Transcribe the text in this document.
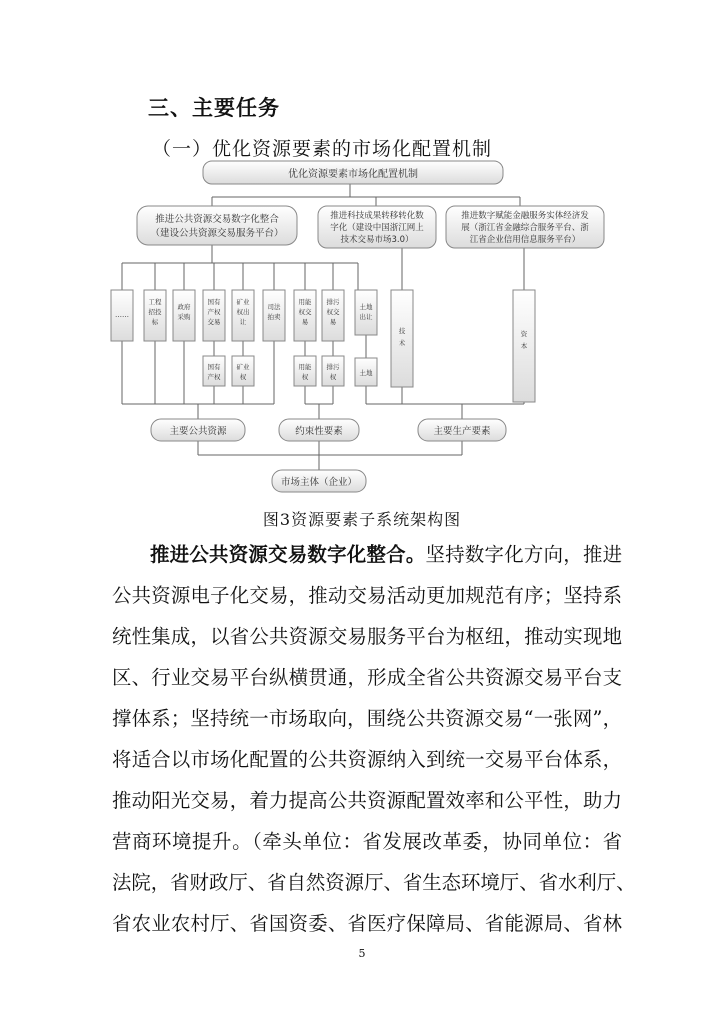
三、主要任务
（一）优化资源要素的市场化配置机制
优化资源要素市场化配置机制
推进公共资源交易数字化整合
（建设公共资源交易服务平台）
推进科技成果转移转化数
字化（建设中国浙江网上
技术交易市场3.0）
推进数字赋能金融服务实体经济发
展（浙江省金融综合服务平台、浙
江省企业信用信息服务平台）
……
工程招投标
政府采购
国有产权交易
矿业权出让
司法拍卖
用能权交易
排污权交易
土地出让
技术
资本
国有产权
矿业权
用能权
排污权	土地
主要公共资源	约束性要素	主要生产要素
市场主体（企业）
图3资源要素子系统架构图
推进公共资源交易数字化整合。坚持数字化方向，推进
公共资源电子化交易，推动交易活动更加规范有序；坚持系
统性集成，以省公共资源交易服务平台为枢纽，推动实现地
区、行业交易平台纵横贯通，形成全省公共资源交易平台支
撑体系；坚持统一市场取向，围绕公共资源交易“一张网”，
将适合以市场化配置的公共资源纳入到统一交易平台体系，
推动阳光交易，着力提高公共资源配置效率和公平性，助力
营商环境提升。（牵头单位：省发展改革委，协同单位：省
法院，省财政厅、省自然资源厅、省生态环境厅、省水利厅、
省农业农村厅、省国资委、省医疗保障局、省能源局、省林
5
